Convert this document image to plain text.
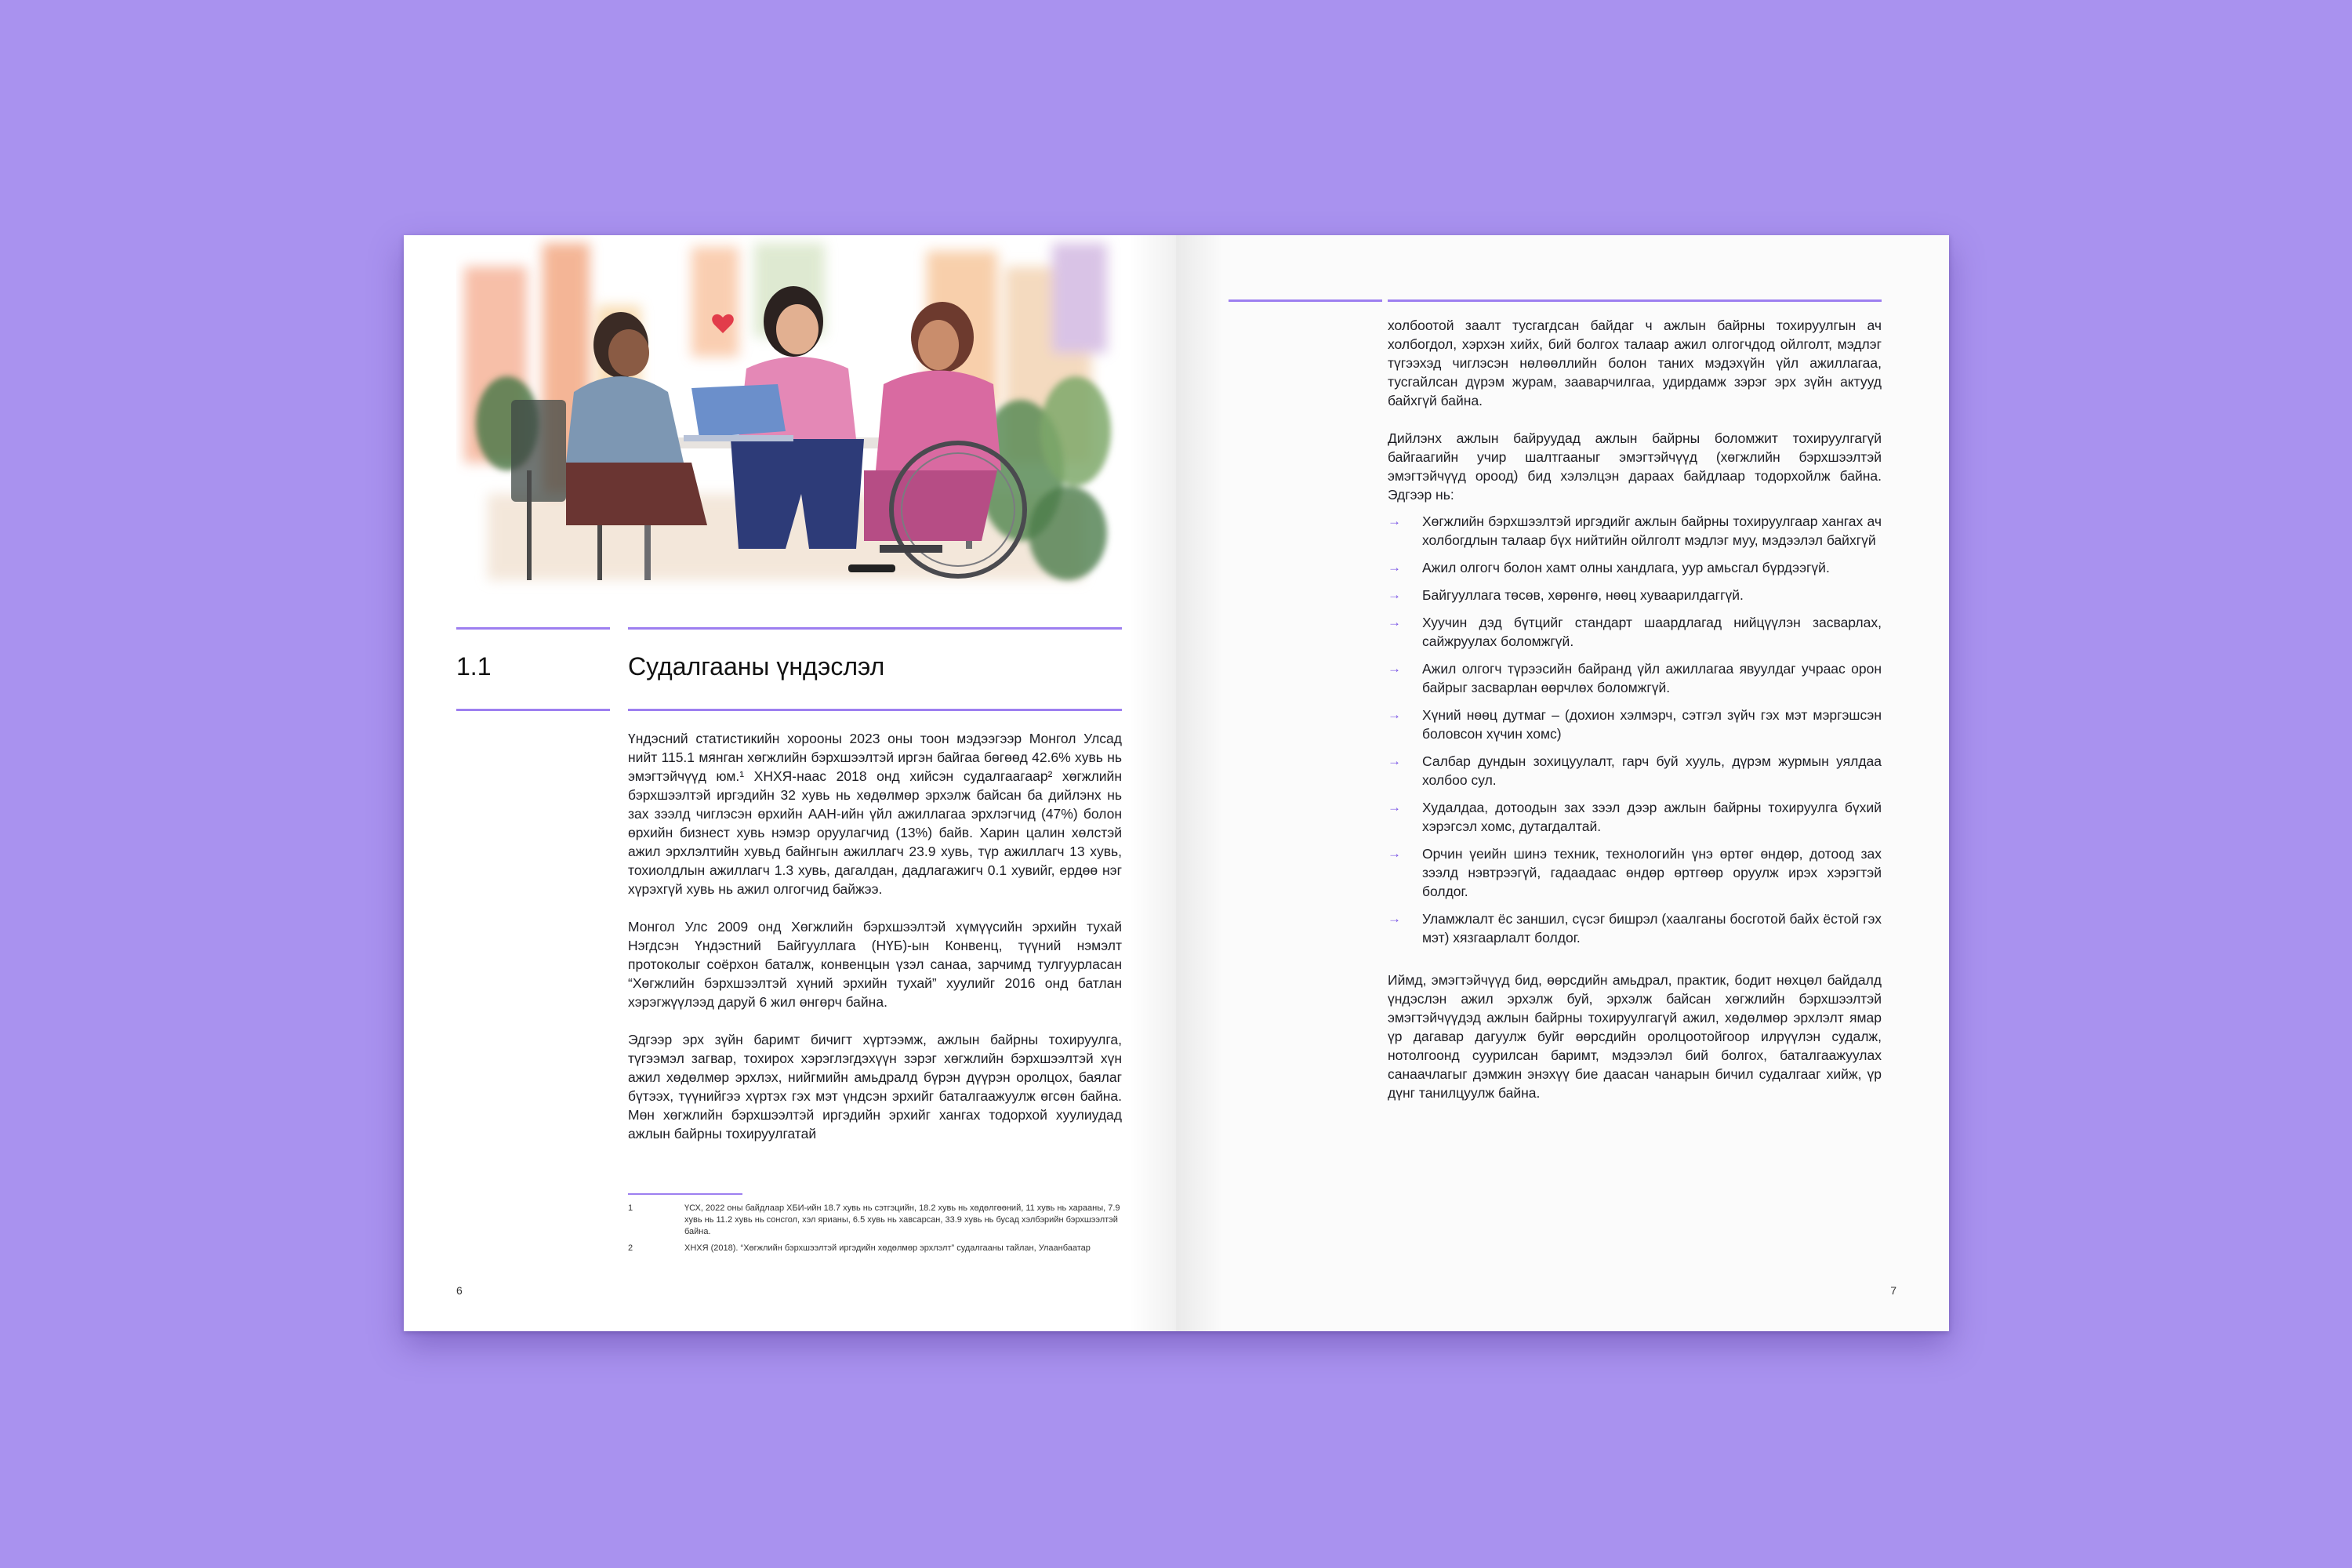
1.1	Судалгааны үндэслэл

Үндэсний статистикийн хорооны 2023 оны тоон мэдээгээр Монгол Улсад нийт 115.1 мянган хөгжлийн бэрхшээлтэй иргэн байгаа бөгөөд 42.6% хувь нь эмэгтэйчүүд юм.¹ ХНХЯ-наас 2018 онд хийсэн судалгаагаар² хөгжлийн бэрхшээлтэй иргэдийн 32 хувь нь хөдөлмөр эрхэлж байсан ба дийлэнх нь зах зээлд чиглэсэн өрхийн ААН-ийн үйл ажиллагаа эрхлэгчид (47%) болон өрхийн бизнест хувь нэмэр оруулагчид (13%) байв. Харин цалин хөлстэй ажил эрхлэлтийн хувьд байнгын ажиллагч 23.9 хувь, түр ажиллагч 13 хувь, тохиолдлын ажиллагч 1.3 хувь, дагалдан, дадлагажигч 0.1 хувийг, ердөө нэг хүрэхгүй хувь нь ажил олгогчид байжээ.

Монгол Улс 2009 онд Хөгжлийн бэрхшээлтэй хүмүүсийн эрхийн тухай Нэгдсэн Үндэстний Байгууллага (НҮБ)-ын Конвенц, түүний нэмэлт протоколыг соёрхон баталж, конвенцын үзэл санаа, зарчимд тулгуурласан “Хөгжлийн бэрхшээлтэй хүний эрхийн тухай” хуулийг 2016 онд батлан хэрэгжүүлээд даруй 6 жил өнгөрч байна.

Эдгээр эрх зүйн баримт бичигт хүртээмж, ажлын байрны тохируулга, түгээмэл загвар, тохирох хэрэглэгдэхүүн зэрэг хөгжлийн бэрхшээлтэй хүн ажил хөдөлмөр эрхлэх, нийгмийн амьдралд бүрэн дүүрэн оролцох, баялаг бүтээх, түүнийгээ хүртэх гэх мэт үндсэн эрхийг баталгаажуулж өгсөн байна. Мөн хөгжлийн бэрхшээлтэй иргэдийн эрхийг хангах тодорхой хуулиудад ажлын байрны тохируулгатай

1	ҮСХ, 2022 оны байдлаар ХБИ-ийн 18.7 хувь нь сэтгэцийн, 18.2 хувь нь хөдөлгөөний, 11 хувь нь харааны, 7.9 хувь нь 11.2 хувь нь сонсгол, хэл ярианы, 6.5 хувь нь хавсарсан, 33.9 хувь нь бусад хэлбэрийн бэрхшээлтэй байна.
2	ХНХЯ (2018). “Хөгжлийн бэрхшээлтэй иргэдийн хөдөлмөр эрхлэлт” судалгааны тайлан, Улаанбаатар
6

холбоотой заалт тусгагдсан байдаг ч ажлын байрны тохируулгын ач холбогдол, хэрхэн хийх, бий болгох талаар ажил олгогчдод ойлголт, мэдлэг түгээхэд чиглэсэн нөлөөллийн болон таних мэдэхүйн үйл ажиллагаа, тусгайлсан дүрэм журам, зааварчилгаа, удирдамж зэрэг эрх зүйн актууд байхгүй байна.

Дийлэнх ажлын байруудад ажлын байрны боломжит тохируулгагүй байгаагийн учир шалтгааныг эмэгтэйчүүд (хөгжлийн бэрхшээлтэй эмэгтэйчүүд ороод) бид хэлэлцэн дараах байдлаар тодорхойлж байна. Эдгээр нь:

→	Хөгжлийн бэрхшээлтэй иргэдийг ажлын байрны тохируулгаар хангах ач холбогдлын талаар бүх нийтийн ойлголт мэдлэг муу, мэдээлэл байхгүй
→	Ажил олгогч болон хамт олны хандлага, уур амьсгал бүрдээгүй.
→	Байгууллага төсөв, хөрөнгө, нөөц хуваарилдаггүй.
→	Хуучин дэд бүтцийг стандарт шаардлагад нийцүүлэн засварлах, сайжруулах боломжгүй.
→	Ажил олгогч түрээсийн байранд үйл ажиллагаа явуулдаг учраас орон байрыг засварлан өөрчлөх боломжгүй.
→	Хүний нөөц дутмаг – (дохион хэлмэрч, сэтгэл зүйч гэх мэт мэргэшсэн боловсон хүчин хомс)
→	Салбар дундын зохицуулалт, гарч буй хууль, дүрэм журмын уялдаа холбоо сул.
→	Худалдаа, дотоодын зах зээл дээр ажлын байрны тохируулга бүхий хэрэгсэл хомс, дутагдалтай.
→	Орчин үеийн шинэ техник, технологийн үнэ өртөг өндөр, дотоод зах зээлд нэвтрээгүй, гадаадаас өндөр өртгөөр оруулж ирэх хэрэгтэй болдог.
→	Уламжлалт ёс заншил, сүсэг бишрэл (хаалганы босготой байх ёстой гэх мэт) хязгаарлалт болдог.

Иймд, эмэгтэйчүүд бид, өөрсдийн амьдрал, практик, бодит нөхцөл байдалд үндэслэн ажил эрхэлж буй, эрхэлж байсан хөгжлийн бэрхшээлтэй эмэгтэйчүүдэд ажлын байрны тохируулгагүй ажил, хөдөлмөр эрхлэлт ямар үр дагавар дагуулж буйг өөрсдийн оролцоотойгоор илрүүлэн судалж, нотолгоонд суурилсан баримт, мэдээлэл бий болгох, баталгаажуулах санаачлагыг дэмжин энэхүү бие даасан чанарын бичил судалгааг хийж, үр дүнг танилцуулж байна.

7
